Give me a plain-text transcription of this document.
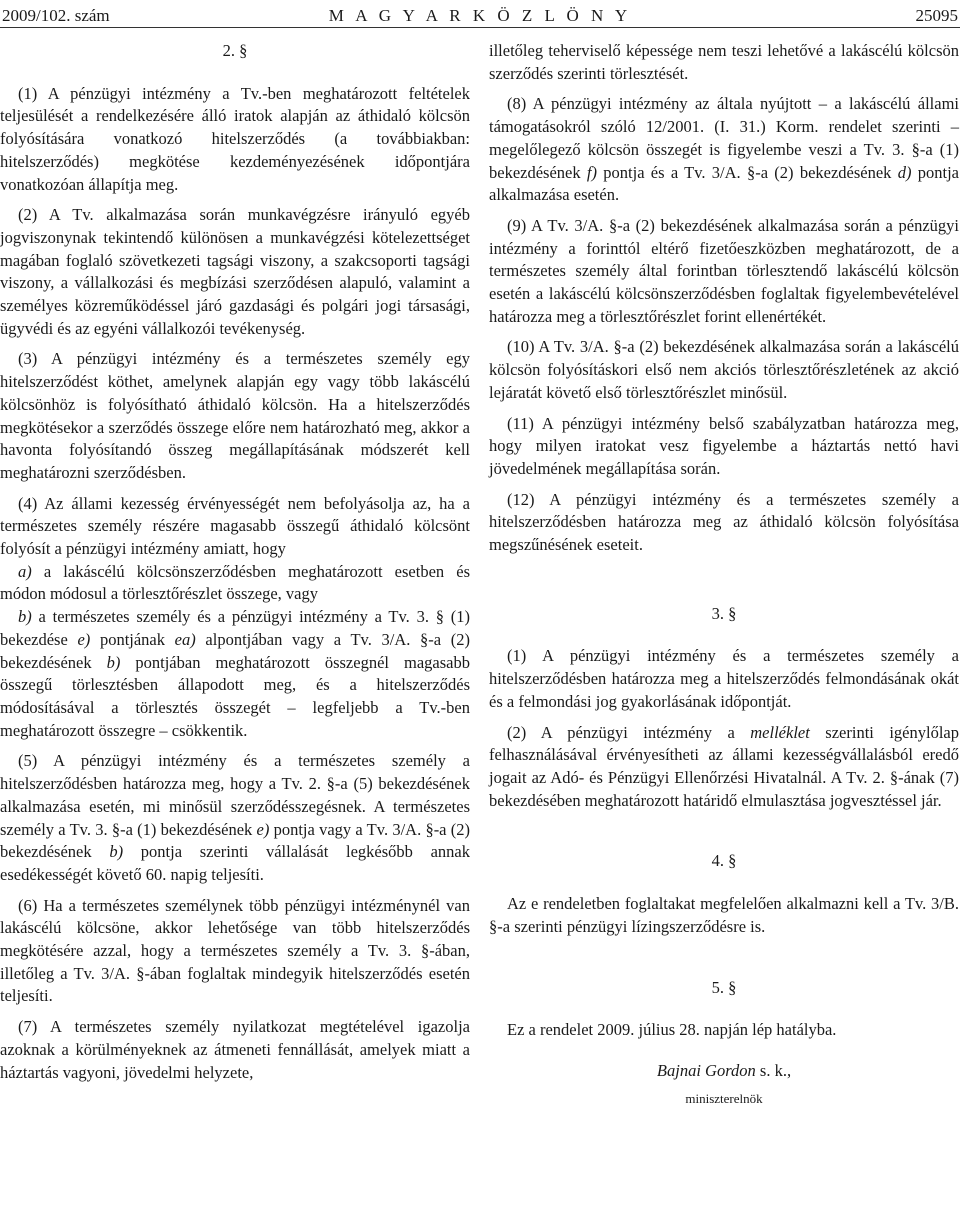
2009/102. szám	M A G Y A R K Ö Z L Ö N Y	25095

2. §

(1) A pénzügyi intézmény a Tv.-ben meghatározott feltételek teljesülését a rendelkezésére álló iratok alapján az áthidaló kölcsön folyósítására vonatkozó hitelszerződés (a továbbiakban: hitelszerződés) megkötése kezdeményezésének időpontjára vonatkozóan állapítja meg.

(2) A Tv. alkalmazása során munkavégzésre irányuló egyéb jogviszonynak tekintendő különösen a munkavégzési kötelezettséget magában foglaló szövetkezeti tagsági viszony, a szakcsoporti tagsági viszony, a vállalkozási és megbízási szerződésen alapuló, valamint a személyes közreműködéssel járó gazdasági és polgári jogi társasági, ügyvédi és az egyéni vállalkozói tevékenység.

(3) A pénzügyi intézmény és a természetes személy egy hitelszerződést köthet, amelynek alapján egy vagy több lakáscélú kölcsönhöz is folyósítható áthidaló kölcsön. Ha a hitelszerződés megkötésekor a szerződés összege előre nem határozható meg, akkor a havonta folyósítandó összeg megállapításának módszerét kell meghatározni szerződésben.

(4) Az állami kezesség érvényességét nem befolyásolja az, ha a természetes személy részére magasabb összegű áthidaló kölcsönt folyósít a pénzügyi intézmény amiatt, hogy

a) a lakáscélú kölcsönszerződésben meghatározott esetben és módon módosul a törlesztőrészlet összege, vagy

b) a természetes személy és a pénzügyi intézmény a Tv. 3. § (1) bekezdése e) pontjának ea) alpontjában vagy a Tv. 3/A. §-a (2) bekezdésének b) pontjában meghatározott összegnél magasabb összegű törlesztésben állapodott meg, és a hitelszerződés módosításával a törlesztés összegét – legfeljebb a Tv.-ben meghatározott összegre – csökkentik.

(5) A pénzügyi intézmény és a természetes személy a hitelszerződésben határozza meg, hogy a Tv. 2. §-a (5) bekezdésének alkalmazása esetén, mi minősül szerződésszegésnek. A természetes személy a Tv. 3. §-a (1) bekezdésének e) pontja vagy a Tv. 3/A. §-a (2) bekezdésének b) pontja szerinti vállalását legkésőbb annak esedékességét követő 60. napig teljesíti.

(6) Ha a természetes személynek több pénzügyi intézménynél van lakáscélú kölcsöne, akkor lehetősége van több hitelszerződés megkötésére azzal, hogy a természetes személy a Tv. 3. §-ában, illetőleg a Tv. 3/A. §-ában foglaltak mindegyik hitelszerződés esetén teljesíti.

(7) A természetes személy nyilatkozat megtételével igazolja azoknak a körülményeknek az átmeneti fennállását, amelyek miatt a háztartás vagyoni, jövedelmi helyzete,

illetőleg teherviselő képessége nem teszi lehetővé a lakáscélú kölcsön szerződés szerinti törlesztését.

(8) A pénzügyi intézmény az általa nyújtott – a lakáscélú állami támogatásokról szóló 12/2001. (I. 31.) Korm. rendelet szerinti – megelőlegező kölcsön összegét is figyelembe veszi a Tv. 3. §-a (1) bekezdésének f) pontja és a Tv. 3/A. §-a (2) bekezdésének d) pontja alkalmazása esetén.

(9) A Tv. 3/A. §-a (2) bekezdésének alkalmazása során a pénzügyi intézmény a forinttól eltérő fizetőeszközben meghatározott, de a természetes személy által forintban törlesztendő lakáscélú kölcsön esetén a lakáscélú kölcsönszerződésben foglaltak figyelembevételével határozza meg a törlesztőrészlet forint ellenértékét.

(10) A Tv. 3/A. §-a (2) bekezdésének alkalmazása során a lakáscélú kölcsön folyósításkori első nem akciós törlesztőrészletének az akció lejáratát követő első törlesztőrészlet minősül.

(11) A pénzügyi intézmény belső szabályzatban határozza meg, hogy milyen iratokat vesz figyelembe a háztartás nettó havi jövedelmének megállapítása során.

(12) A pénzügyi intézmény és a természetes személy a hitelszerződésben határozza meg az áthidaló kölcsön folyósítása megszűnésének eseteit.

3. §

(1) A pénzügyi intézmény és a természetes személy a hitelszerződésben határozza meg a hitelszerződés felmondásának okát és a felmondási jog gyakorlásának időpontját.

(2) A pénzügyi intézmény a melléklet szerinti igénylőlap felhasználásával érvényesítheti az állami kezességvállalásból eredő jogait az Adó- és Pénzügyi Ellenőrzési Hivatalnál. A Tv. 2. §-ának (7) bekezdésében meghatározott határidő elmulasztása jogvesztéssel jár.

4. §

Az e rendeletben foglaltakat megfelelően alkalmazni kell a Tv. 3/B. §-a szerinti pénzügyi lízingszerződésre is.

5. §

Ez a rendelet 2009. július 28. napján lép hatályba.

Bajnai Gordon s. k.,

miniszterelnök
